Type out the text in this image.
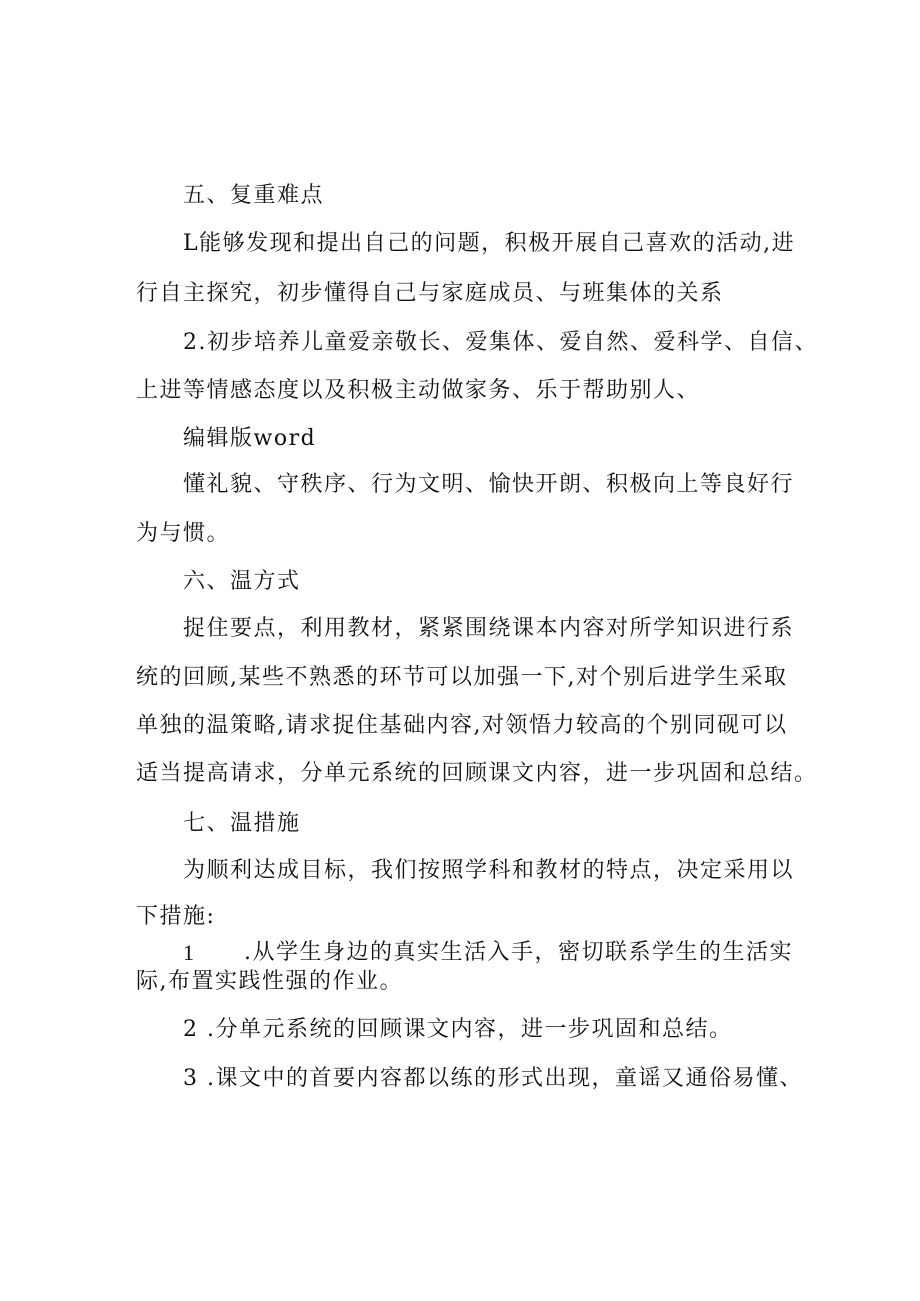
五、复重难点
L能够发现和提出自己的问题，积极开展自己喜欢的活动,进
行自主探究，初步懂得自己与家庭成员、与班集体的关系
2.初步培养儿童爱亲敬长、爱集体、爱自然、爱科学、自信、
上进等情感态度以及积极主动做家务、乐于帮助别人、
编辑版word
懂礼貌、守秩序、行为文明、愉快开朗、积极向上等良好行
为与惯。
六、温方式
捉住要点，利用教材，紧紧围绕课本内容对所学知识进行系
统的回顾,某些不熟悉的环节可以加强一下,对个别后进学生采取
单独的温策略,请求捉住基础内容,对领悟力较高的个别同砚可以
适当提高请求，分单元系统的回顾课文内容，进一步巩固和总结。
七、温措施
为顺利达成目标，我们按照学科和教材的特点，决定采用以
下措施:
1 .从学生身边的真实生活入手，密切联系学生的生活实
际,布置实践性强的作业。
2 .分单元系统的回顾课文内容，进一步巩固和总结。
3 .课文中的首要内容都以练的形式出现，童谣又通俗易懂、
